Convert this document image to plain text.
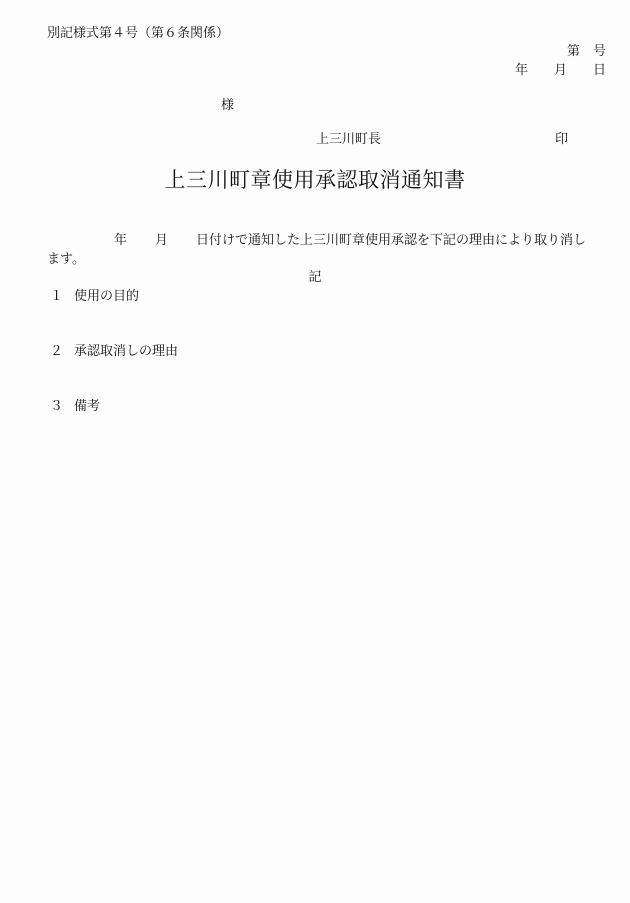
別記様式第４号（第６条関係）
第　号
年　　月　　日
様
上三川町長	印
上三川町章使用承認取消通知書
年 月 日付けで通知した上三川町章使用承認を下記の理由により取り消し
ます。
記
１ 使用の目的
２ 承認取消しの理由
３ 備考
